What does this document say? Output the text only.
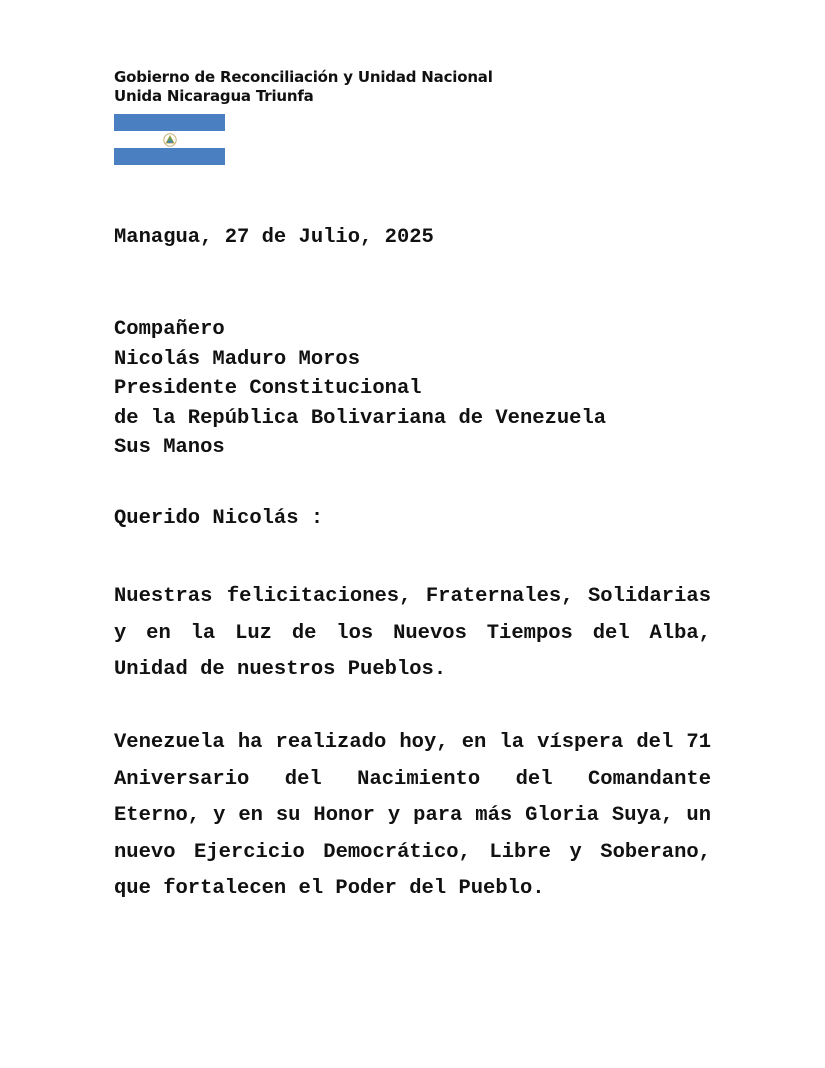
Gobierno de Reconciliación y Unidad Nacional
Unida Nicaragua Triunfa
Managua, 27 de Julio, 2025
Compañero
Nicolás Maduro Moros
Presidente Constitucional
de la República Bolivariana de Venezuela
Sus Manos
Querido Nicolás :
Nuestras felicitaciones, Fraternales, Solidarias y en la Luz de los Nuevos Tiempos del Alba, Unidad de nuestros Pueblos.
Venezuela ha realizado hoy, en la víspera del 71 Aniversario del Nacimiento del Comandante Eterno, y en su Honor y para más Gloria Suya, un nuevo Ejercicio Democrático, Libre y Soberano, que fortalecen el Poder del Pueblo.
